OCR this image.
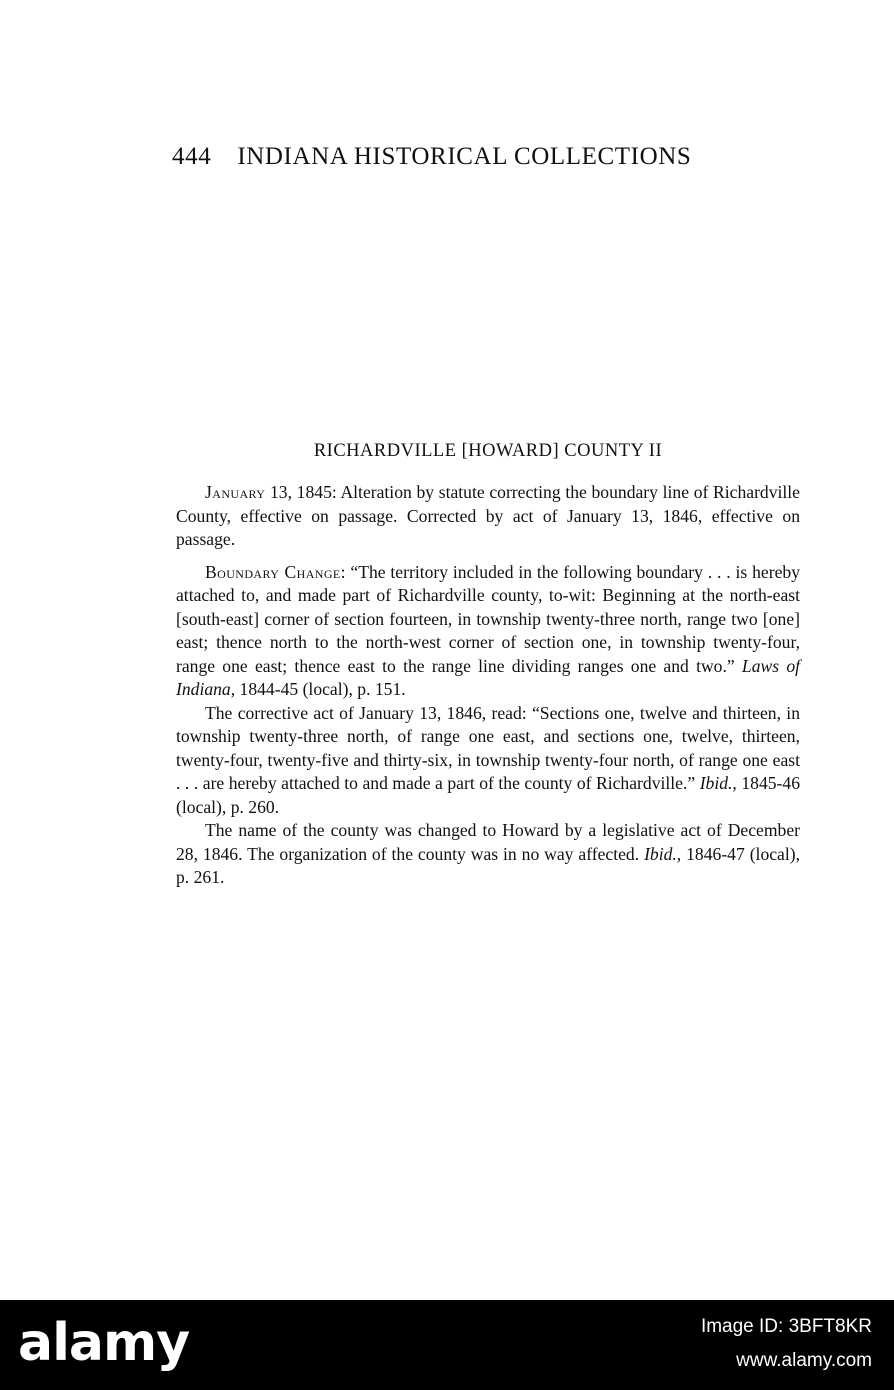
444 INDIANA HISTORICAL COLLECTIONS
RICHARDVILLE [HOWARD] COUNTY II

January 13, 1845: Alteration by statute correcting the boundary line of Richardville County, effective on passage. Corrected by act of January 13, 1846, effective on passage.

Boundary Change: “The territory included in the following boundary . . . is hereby attached to, and made part of Richardville county, to-wit: Beginning at the north-east [south-east] corner of section fourteen, in township twenty-three north, range two [one] east; thence north to the north-west corner of section one, in township twenty-four, range one east; thence east to the range line dividing ranges one and two.” Laws of Indiana, 1844-45 (local), p. 151.

The corrective act of January 13, 1846, read: “Sections one, twelve and thirteen, in township twenty-three north, of range one east, and sections one, twelve, thirteen, twenty-four, twenty-five and thirty-six, in township twenty-four north, of range one east . . . are hereby attached to and made a part of the county of Richardville.” Ibid., 1845-46 (local), p. 260.

The name of the county was changed to Howard by a legislative act of December 28, 1846. The organization of the county was in no way affected. Ibid., 1846-47 (local), p. 261.

alamy	Image ID: 3BFT8KR
www.alamy.com
